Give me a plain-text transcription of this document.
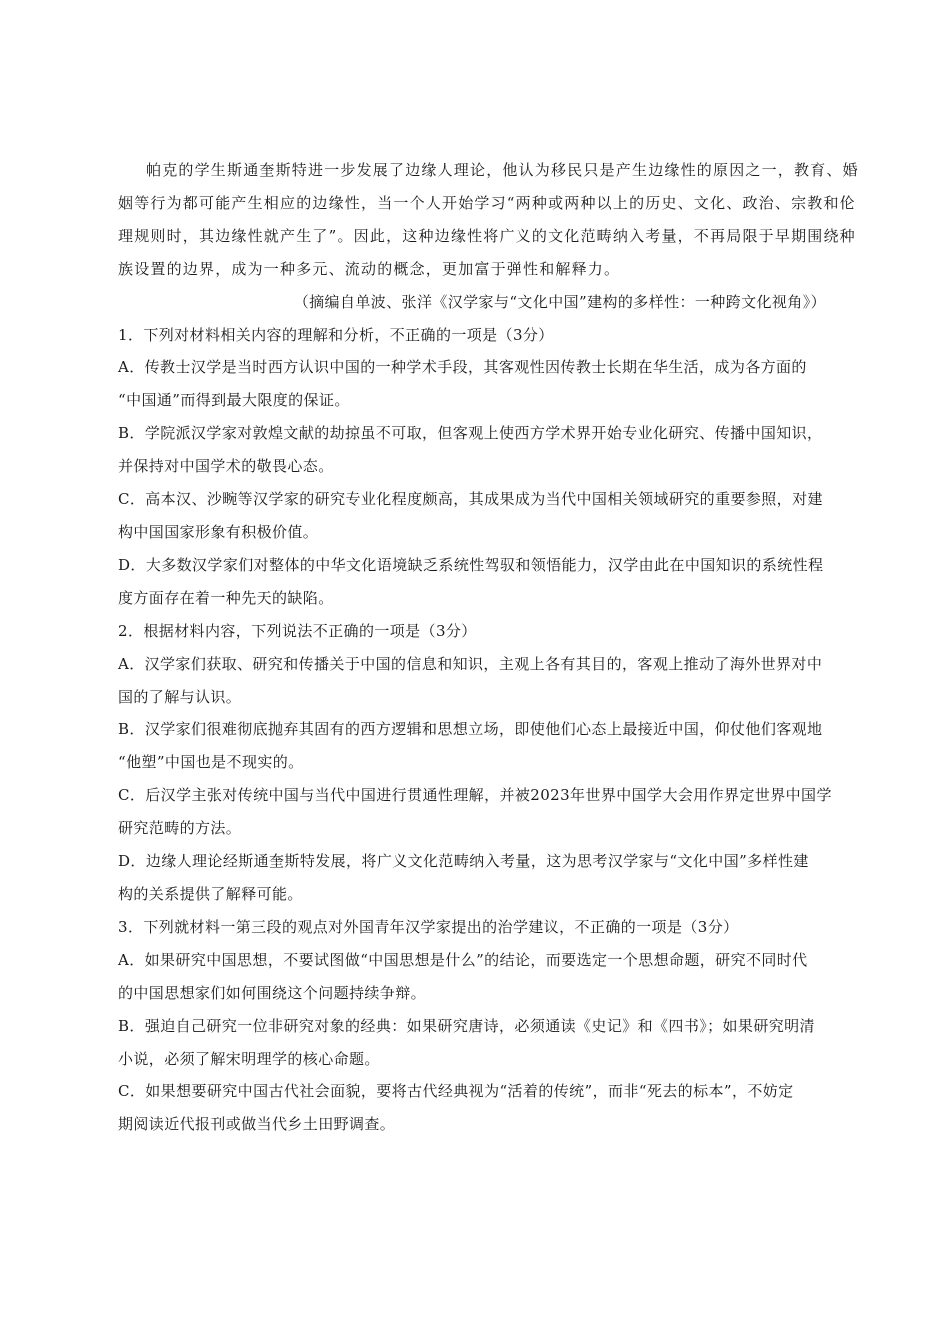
帕克的学生斯通奎斯特进一步发展了边缘人理论，他认为移民只是产生边缘性的原因之一，教育、婚
姻等行为都可能产生相应的边缘性，当一个人开始学习“两种或两种以上的历史、文化、政治、宗教和伦
理规则时，其边缘性就产生了”。因此，这种边缘性将广义的文化范畴纳入考量，不再局限于早期围绕种
族设置的边界，成为一种多元、流动的概念，更加富于弹性和解释力。
（摘编自单波、张洋《汉学家与“文化中国”建构的多样性：一种跨文化视角》）
1．下列对材料相关内容的理解和分析，不正确的一项是（3分）
A．传教士汉学是当时西方认识中国的一种学术手段，其客观性因传教士长期在华生活，成为各方面的
“中国通”而得到最大限度的保证。
B．学院派汉学家对敦煌文献的劫掠虽不可取，但客观上使西方学术界开始专业化研究、传播中国知识，
并保持对中国学术的敬畏心态。
C．高本汉、沙畹等汉学家的研究专业化程度颇高，其成果成为当代中国相关领域研究的重要参照，对建
构中国国家形象有积极价值。
D．大多数汉学家们对整体的中华文化语境缺乏系统性驾驭和领悟能力，汉学由此在中国知识的系统性程
度方面存在着一种先天的缺陷。
2．根据材料内容，下列说法不正确的一项是（3分）
A．汉学家们获取、研究和传播关于中国的信息和知识，主观上各有其目的，客观上推动了海外世界对中
国的了解与认识。
B．汉学家们很难彻底抛弃其固有的西方逻辑和思想立场，即使他们心态上最接近中国，仰仗他们客观地
“他塑”中国也是不现实的。
C．后汉学主张对传统中国与当代中国进行贯通性理解，并被2023年世界中国学大会用作界定世界中国学
研究范畴的方法。
D．边缘人理论经斯通奎斯特发展，将广义文化范畴纳入考量，这为思考汉学家与“文化中国”多样性建
构的关系提供了解释可能。
3．下列就材料一第三段的观点对外国青年汉学家提出的治学建议，不正确的一项是（3分）
A．如果研究中国思想，不要试图做“中国思想是什么”的结论，而要选定一个思想命题，研究不同时代
的中国思想家们如何围绕这个问题持续争辩。
B．强迫自己研究一位非研究对象的经典：如果研究唐诗，必须通读《史记》和《四书》；如果研究明清
小说，必须了解宋明理学的核心命题。
C．如果想要研究中国古代社会面貌，要将古代经典视为“活着的传统”，而非“死去的标本”，不妨定
期阅读近代报刊或做当代乡土田野调查。
